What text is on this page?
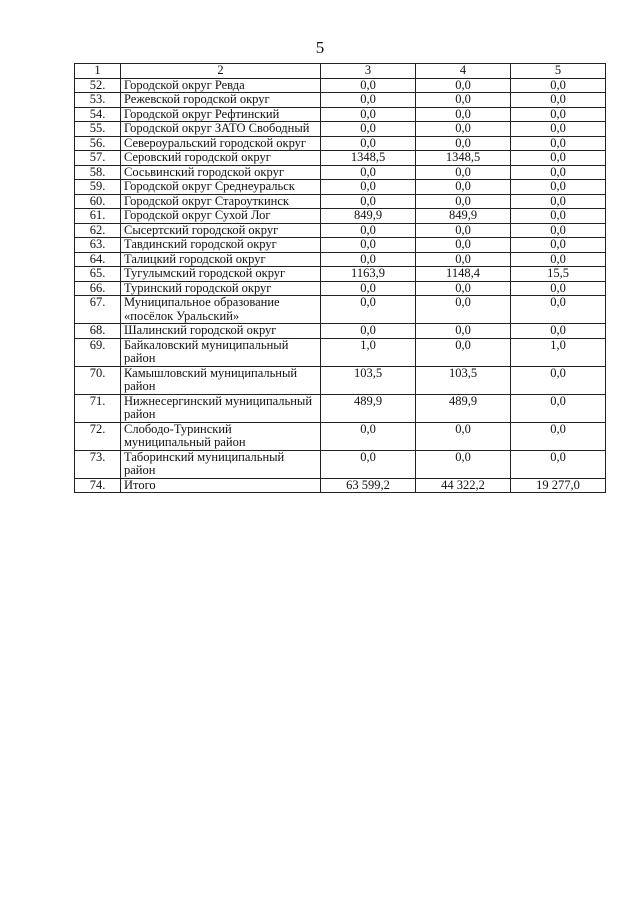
5
1	2	3	4	5
52.	Городской округ Ревда	0,0	0,0	0,0
53.	Режевской городской округ	0,0	0,0	0,0
54.	Городской округ Рефтинский	0,0	0,0	0,0
55.	Городской округ ЗАТО Свободный	0,0	0,0	0,0
56.	Североуральский городской округ	0,0	0,0	0,0
57.	Серовский городской округ	1348,5	1348,5	0,0
58.	Сосьвинский городской округ	0,0	0,0	0,0
59.	Городской округ Среднеуральск	0,0	0,0	0,0
60.	Городской округ Староуткинск	0,0	0,0	0,0
61.	Городской округ Сухой Лог	849,9	849,9	0,0
62.	Сысертский городской округ	0,0	0,0	0,0
63.	Тавдинский городской округ	0,0	0,0	0,0
64.	Талицкий городской округ	0,0	0,0	0,0
65.	Тугулымский городской округ	1163,9	1148,4	15,5
66.	Туринский городской округ	0,0	0,0	0,0
67.	Муниципальное образование «посёлок Уральский»	0,0	0,0	0,0
68.	Шалинский городской округ	0,0	0,0	0,0
69.	Байкаловский муниципальный район	1,0	0,0	1,0
70.	Камышловский муниципальный район	103,5	103,5	0,0
71.	Нижнесергинский муниципальный район	489,9	489,9	0,0
72.	Слободо-Туринский муниципальный район	0,0	0,0	0,0
73.	Таборинский муниципальный район	0,0	0,0	0,0
74.	Итого	63 599,2	44 322,2	19 277,0
